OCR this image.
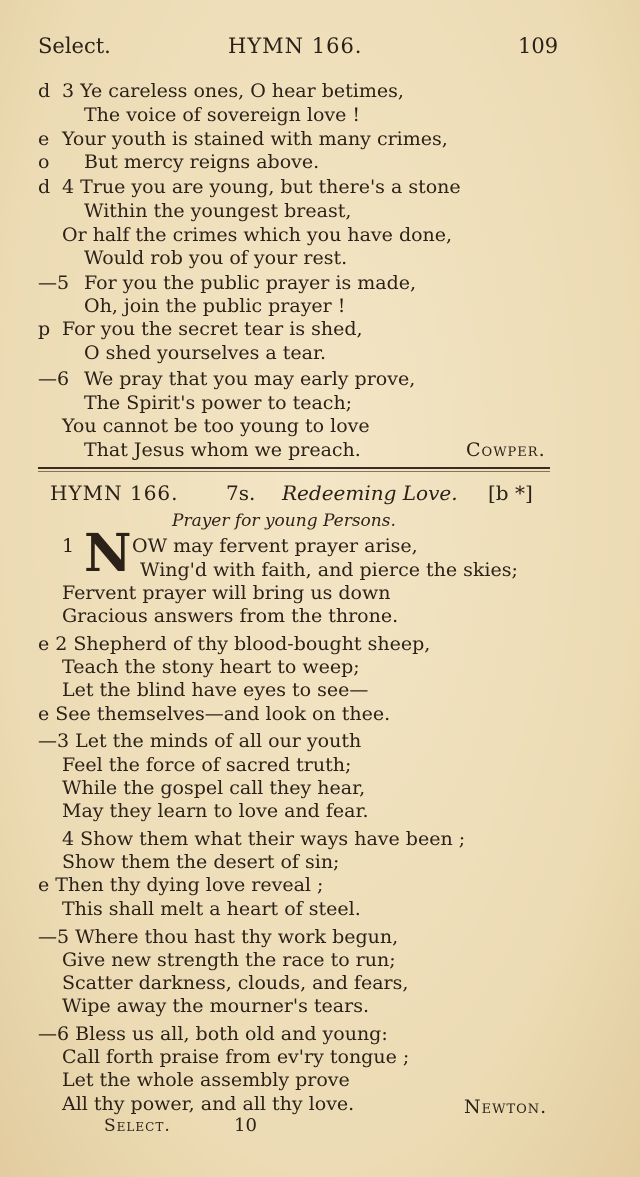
Select.	HYMN 166.	109
d 3 Ye careless ones, O hear betimes,
The voice of sovereign love !
e Your youth is stained with many crimes,
o But mercy reigns above.
d 4 True you are young, but there's a stone
Within the youngest breast,
Or half the crimes which you have done,
Would rob you of your rest.
—5 For you the public prayer is made,
Oh, join the public prayer !
p For you the secret tear is shed,
O shed yourselves a tear.
—6 We pray that you may early prove,
The Spirit's power to teach;
You cannot be too young to love
That Jesus whom we preach.	Cowper.
HYMN 166. 7s. Redeeming Love. [b *]
Prayer for young Persons.
1 N OW may fervent prayer arise,
Wing'd with faith, and pierce the skies;
Fervent prayer will bring us down
Gracious answers from the throne.
e 2 Shepherd of thy blood-bought sheep,
Teach the stony heart to weep;
Let the blind have eyes to see—
e See themselves—and look on thee.
—3 Let the minds of all our youth
Feel the force of sacred truth;
While the gospel call they hear,
May they learn to love and fear.
4 Show them what their ways have been ;
Show them the desert of sin;
e Then thy dying love reveal ;
This shall melt a heart of steel.
—5 Where thou hast thy work begun,
Give new strength the race to run;
Scatter darkness, clouds, and fears,
Wipe away the mourner's tears.
—6 Bless us all, both old and young:
Call forth praise from ev'ry tongue ;
Let the whole assembly prove
All thy power, and all thy love.	Newton.
Select.	10
